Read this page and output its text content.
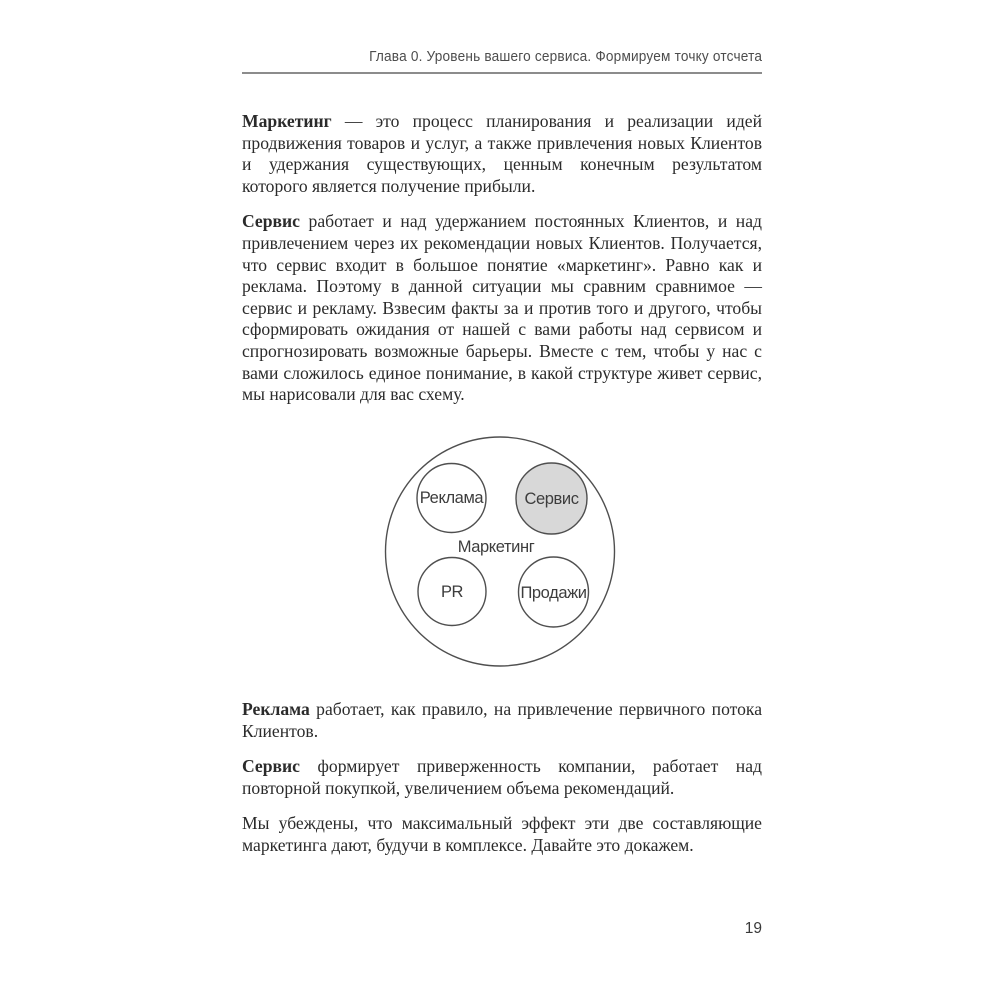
Глава 0. Уровень вашего сервиса. Формируем точку отсчета

Маркетинг — это процесс планирования и реализации идей продвижения товаров и услуг, а также привлечения новых Клиентов и удержания существующих, ценным конечным результатом которого является получение прибыли.

Сервис работает и над удержанием постоянных Клиентов, и над привлечением через их рекомендации новых Клиентов. Получается, что сервис входит в большое понятие «маркетинг». Равно как и реклама. Поэтому в данной ситуации мы сравним сравнимое — сервис и рекламу. Взвесим факты за и против того и другого, чтобы сформировать ожидания от нашей с вами работы над сервисом и спрогнозировать возможные барьеры. Вместе с тем, чтобы у нас с вами сложилось единое понимание, в какой структуре живет сервис, мы нарисовали для вас схему.

Реклама	Сервис
Маркетинг
PR	Продажи

Реклама работает, как правило, на привлечение первичного потока Клиентов.

Сервис формирует приверженность компании, работает над повторной покупкой, увеличением объема рекомендаций.

Мы убеждены, что максимальный эффект эти две составляющие маркетинга дают, будучи в комплексе. Давайте это докажем.

19
